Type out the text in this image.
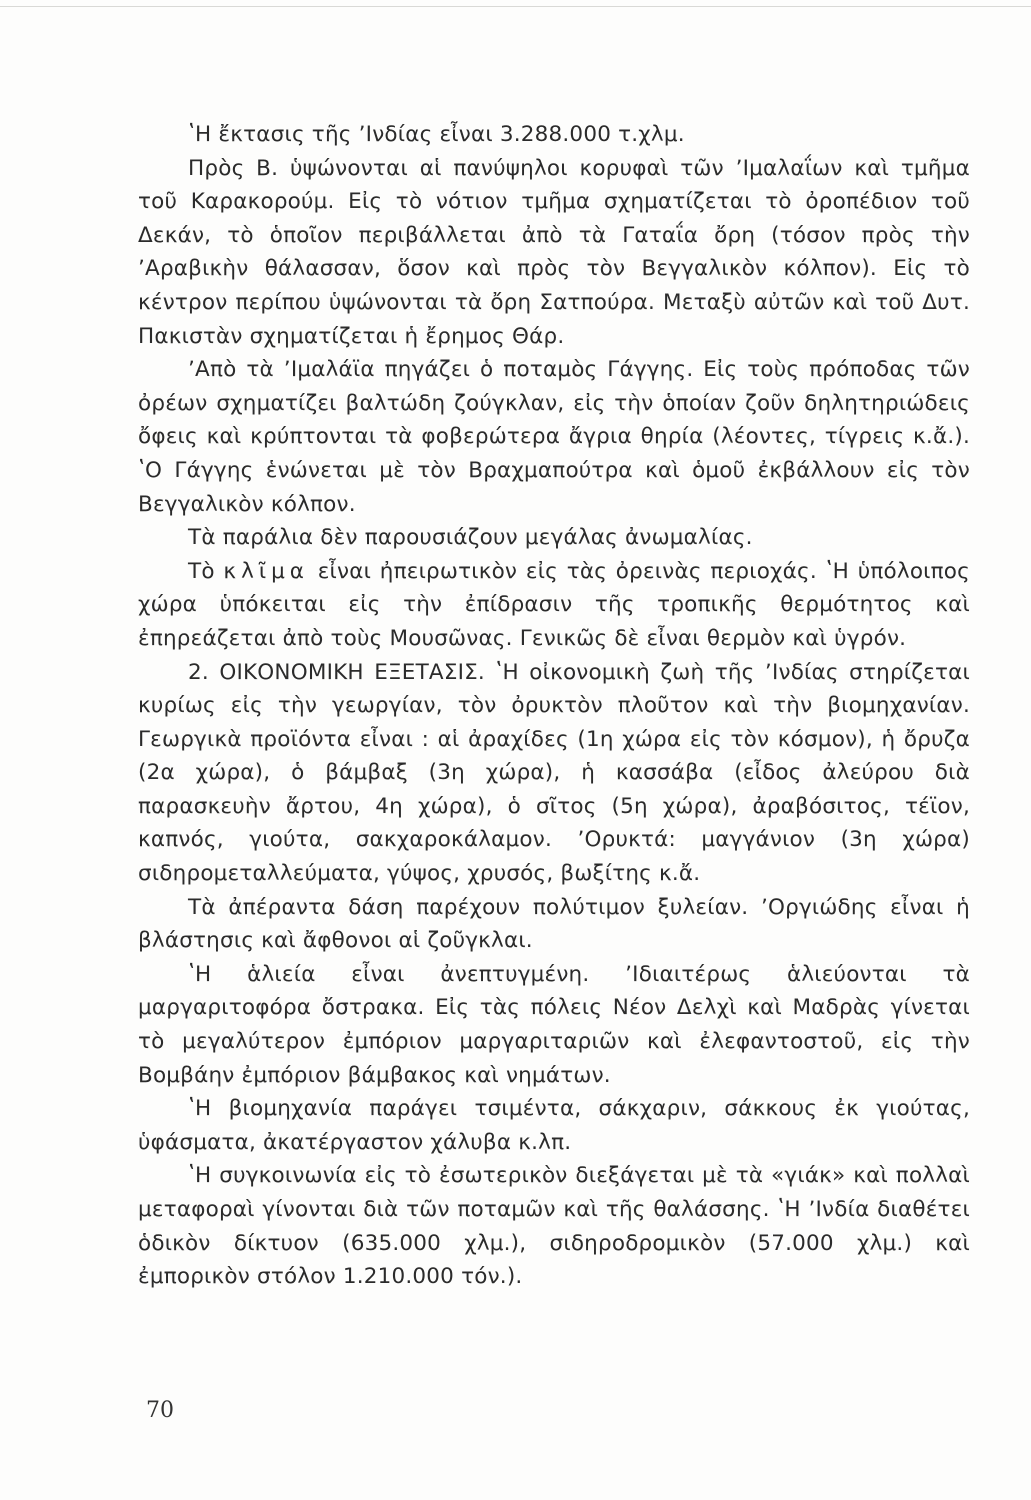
ʽΗ ἔκτασις τῆς ʼΙνδίας εἶναι 3.288.000 τ.χλμ.

Πρὸς Β. ὑψώνονται αἱ πανύψηλοι κορυφαὶ τῶν ʼΙμαλαΐων καὶ τμῆμα τοῦ Καρακορούμ. Εἰς τὸ νότιον τμῆμα σχηματίζεται τὸ ὀροπέδιον τοῦ Δεκάν, τὸ ὁποῖον περιβάλλεται ἀπὸ τὰ Γαταΐα ὄρη (τόσον πρὸς τὴν ʼΑραβικὴν θάλασσαν, ὅσον καὶ πρὸς τὸν Βεγγαλικὸν κόλπον). Εἰς τὸ κέντρον περίπου ὑψώνονται τὰ ὄρη Σατπούρα. Μεταξὺ αὐτῶν καὶ τοῦ Δυτ. Πακιστὰν σχηματίζεται ἡ ἔρημος Θάρ.

ʼΑπὸ τὰ ʼΙμαλάϊα πηγάζει ὁ ποταμὸς Γάγγης. Εἰς τοὺς πρόποδας τῶν ὀρέων σχηματίζει βαλτώδη ζούγκλαν, εἰς τὴν ὁποίαν ζοῦν δηλητηριώδεις ὄφεις καὶ κρύπτονται τὰ φοβερώτερα ἄγρια θηρία (λέοντες, τίγρεις κ.ἄ.). ʽΟ Γάγγης ἑνώνεται μὲ τὸν Βραχμαπούτρα καὶ ὁμοῦ ἐκβάλλουν εἰς τὸν Βεγγαλικὸν κόλπον.

Τὰ παράλια δὲν παρουσιάζουν μεγάλας ἀνωμαλίας.

Τὸ κλῖμα εἶναι ἠπειρωτικὸν εἰς τὰς ὀρεινὰς περιοχάς. ʽΗ ὑπόλοιπος χώρα ὑπόκειται εἰς τὴν ἐπίδρασιν τῆς τροπικῆς θερμότητος καὶ ἐπηρεάζεται ἀπὸ τοὺς Μουσῶνας. Γενικῶς δὲ εἶναι θερμὸν καὶ ὑγρόν.

2. ΟΙΚΟΝΟΜΙΚΗ ΕΞΕΤΑΣΙΣ. ʽΗ οἰκονομικὴ ζωὴ τῆς ʼΙνδίας στηρίζεται κυρίως εἰς τὴν γεωργίαν, τὸν ὀρυκτὸν πλοῦτον καὶ τὴν βιομηχανίαν. Γεωργικὰ προϊόντα εἶναι : αἱ ἀραχίδες (1η χώρα εἰς τὸν κόσμον), ἡ ὄρυζα (2α χώρα), ὁ βάμβαξ (3η χώρα), ἡ κασσάβα (εἶδος ἀλεύρου διὰ παρασκευὴν ἄρτου, 4η χώρα), ὁ σῖτος (5η χώρα), ἀραβόσιτος, τέϊον, καπνός, γιούτα, σακχαροκάλαμον. ʼΟρυκτά: μαγγάνιον (3η χώρα) σιδηρομεταλλεύματα, γύψος, χρυσός, βωξίτης κ.ἄ.

Τὰ ἀπέραντα δάση παρέχουν πολύτιμον ξυλείαν. ʼΟργιώδης εἶναι ἡ βλάστησις καὶ ἄφθονοι αἱ ζοῦγκλαι.

ʽΗ ἁλιεία εἶναι ἀνεπτυγμένη. ʼΙδιαιτέρως ἁλιεύονται τὰ μαργαριτοφόρα ὄστρακα. Εἰς τὰς πόλεις Νέον Δελχὶ καὶ Μαδρὰς γίνεται τὸ μεγαλύτερον ἐμπόριον μαργαριταριῶν καὶ ἐλεφαντοστοῦ, εἰς τὴν Βομβάην ἐμπόριον βάμβακος καὶ νημάτων.

ʽΗ βιομηχανία παράγει τσιμέντα, σάκχαριν, σάκκους ἐκ γιούτας, ὑφάσματα, ἀκατέργαστον χάλυβα κ.λπ.

ʽΗ συγκοινωνία εἰς τὸ ἐσωτερικὸν διεξάγεται μὲ τὰ «γιάκ» καὶ πολλαὶ μεταφοραὶ γίνονται διὰ τῶν ποταμῶν καὶ τῆς θαλάσσης. ʽΗ ʼΙνδία διαθέτει ὁδικὸν δίκτυον (635.000 χλμ.), σιδηροδρομικὸν (57.000 χλμ.) καὶ ἐμπορικὸν στόλον 1.210.000 τόν.).

70
